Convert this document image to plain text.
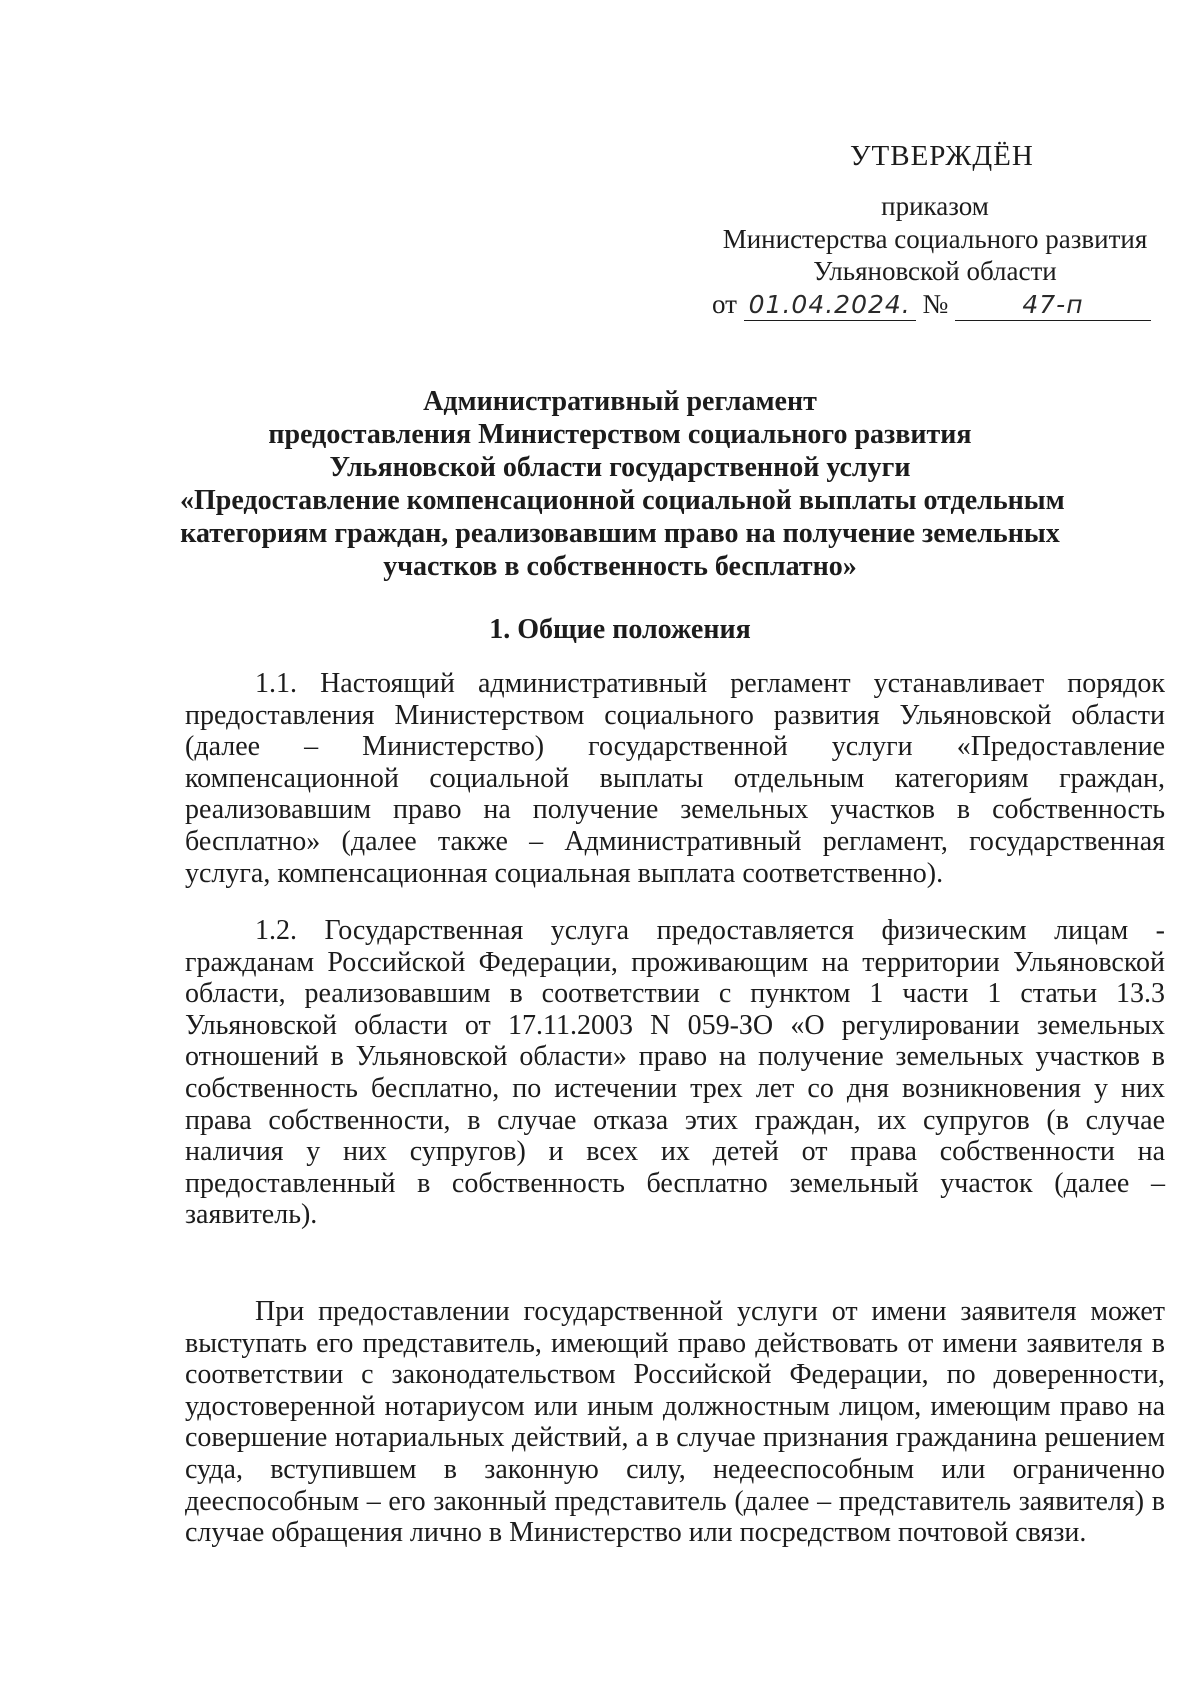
УТВЕРЖДЁН
приказом
Министерства социального развития
Ульяновской области
от 01.04.2024. №	47-п
Административный регламент
предоставления Министерством социального развития
Ульяновской области государственной услуги
«Предоставление компенсационной социальной выплаты отдельным
категориям граждан, реализовавшим право на получение земельных
участков в собственность бесплатно»
1. Общие положения
1.1. Настоящий административный регламент устанавливает порядок предоставления Министерством социального развития Ульяновской области (далее – Министерство) государственной услуги «Предоставление компенсационной социальной выплаты отдельным категориям граждан, реализовавшим право на получение земельных участков в собственность бесплатно» (далее также – Административный регламент, государственная услуга, компенсационная социальная выплата соответственно).
1.2. Государственная услуга предоставляется физическим лицам - гражданам Российской Федерации, проживающим на территории Ульяновской области, реализовавшим в соответствии с пунктом 1 части 1 статьи 13.3 Ульяновской области от 17.11.2003 N 059-ЗО «О регулировании земельных отношений в Ульяновской области» право на получение земельных участков в собственность бесплатно, по истечении трех лет со дня возникновения у них права собственности, в случае отказа этих граждан, их супругов (в случае наличия у них супругов) и всех их детей от права собственности на предоставленный в собственность бесплатно земельный участок (далее – заявитель).
При предоставлении государственной услуги от имени заявителя может выступать его представитель, имеющий право действовать от имени заявителя в соответствии с законодательством Российской Федерации, по доверенности, удостоверенной нотариусом или иным должностным лицом, имеющим право на совершение нотариальных действий, а в случае признания гражданина решением суда, вступившем в законную силу, недееспособным или ограниченно дееспособным – его законный представитель (далее – представитель заявителя) в случае обращения лично в Министерство или посредством почтовой связи.
